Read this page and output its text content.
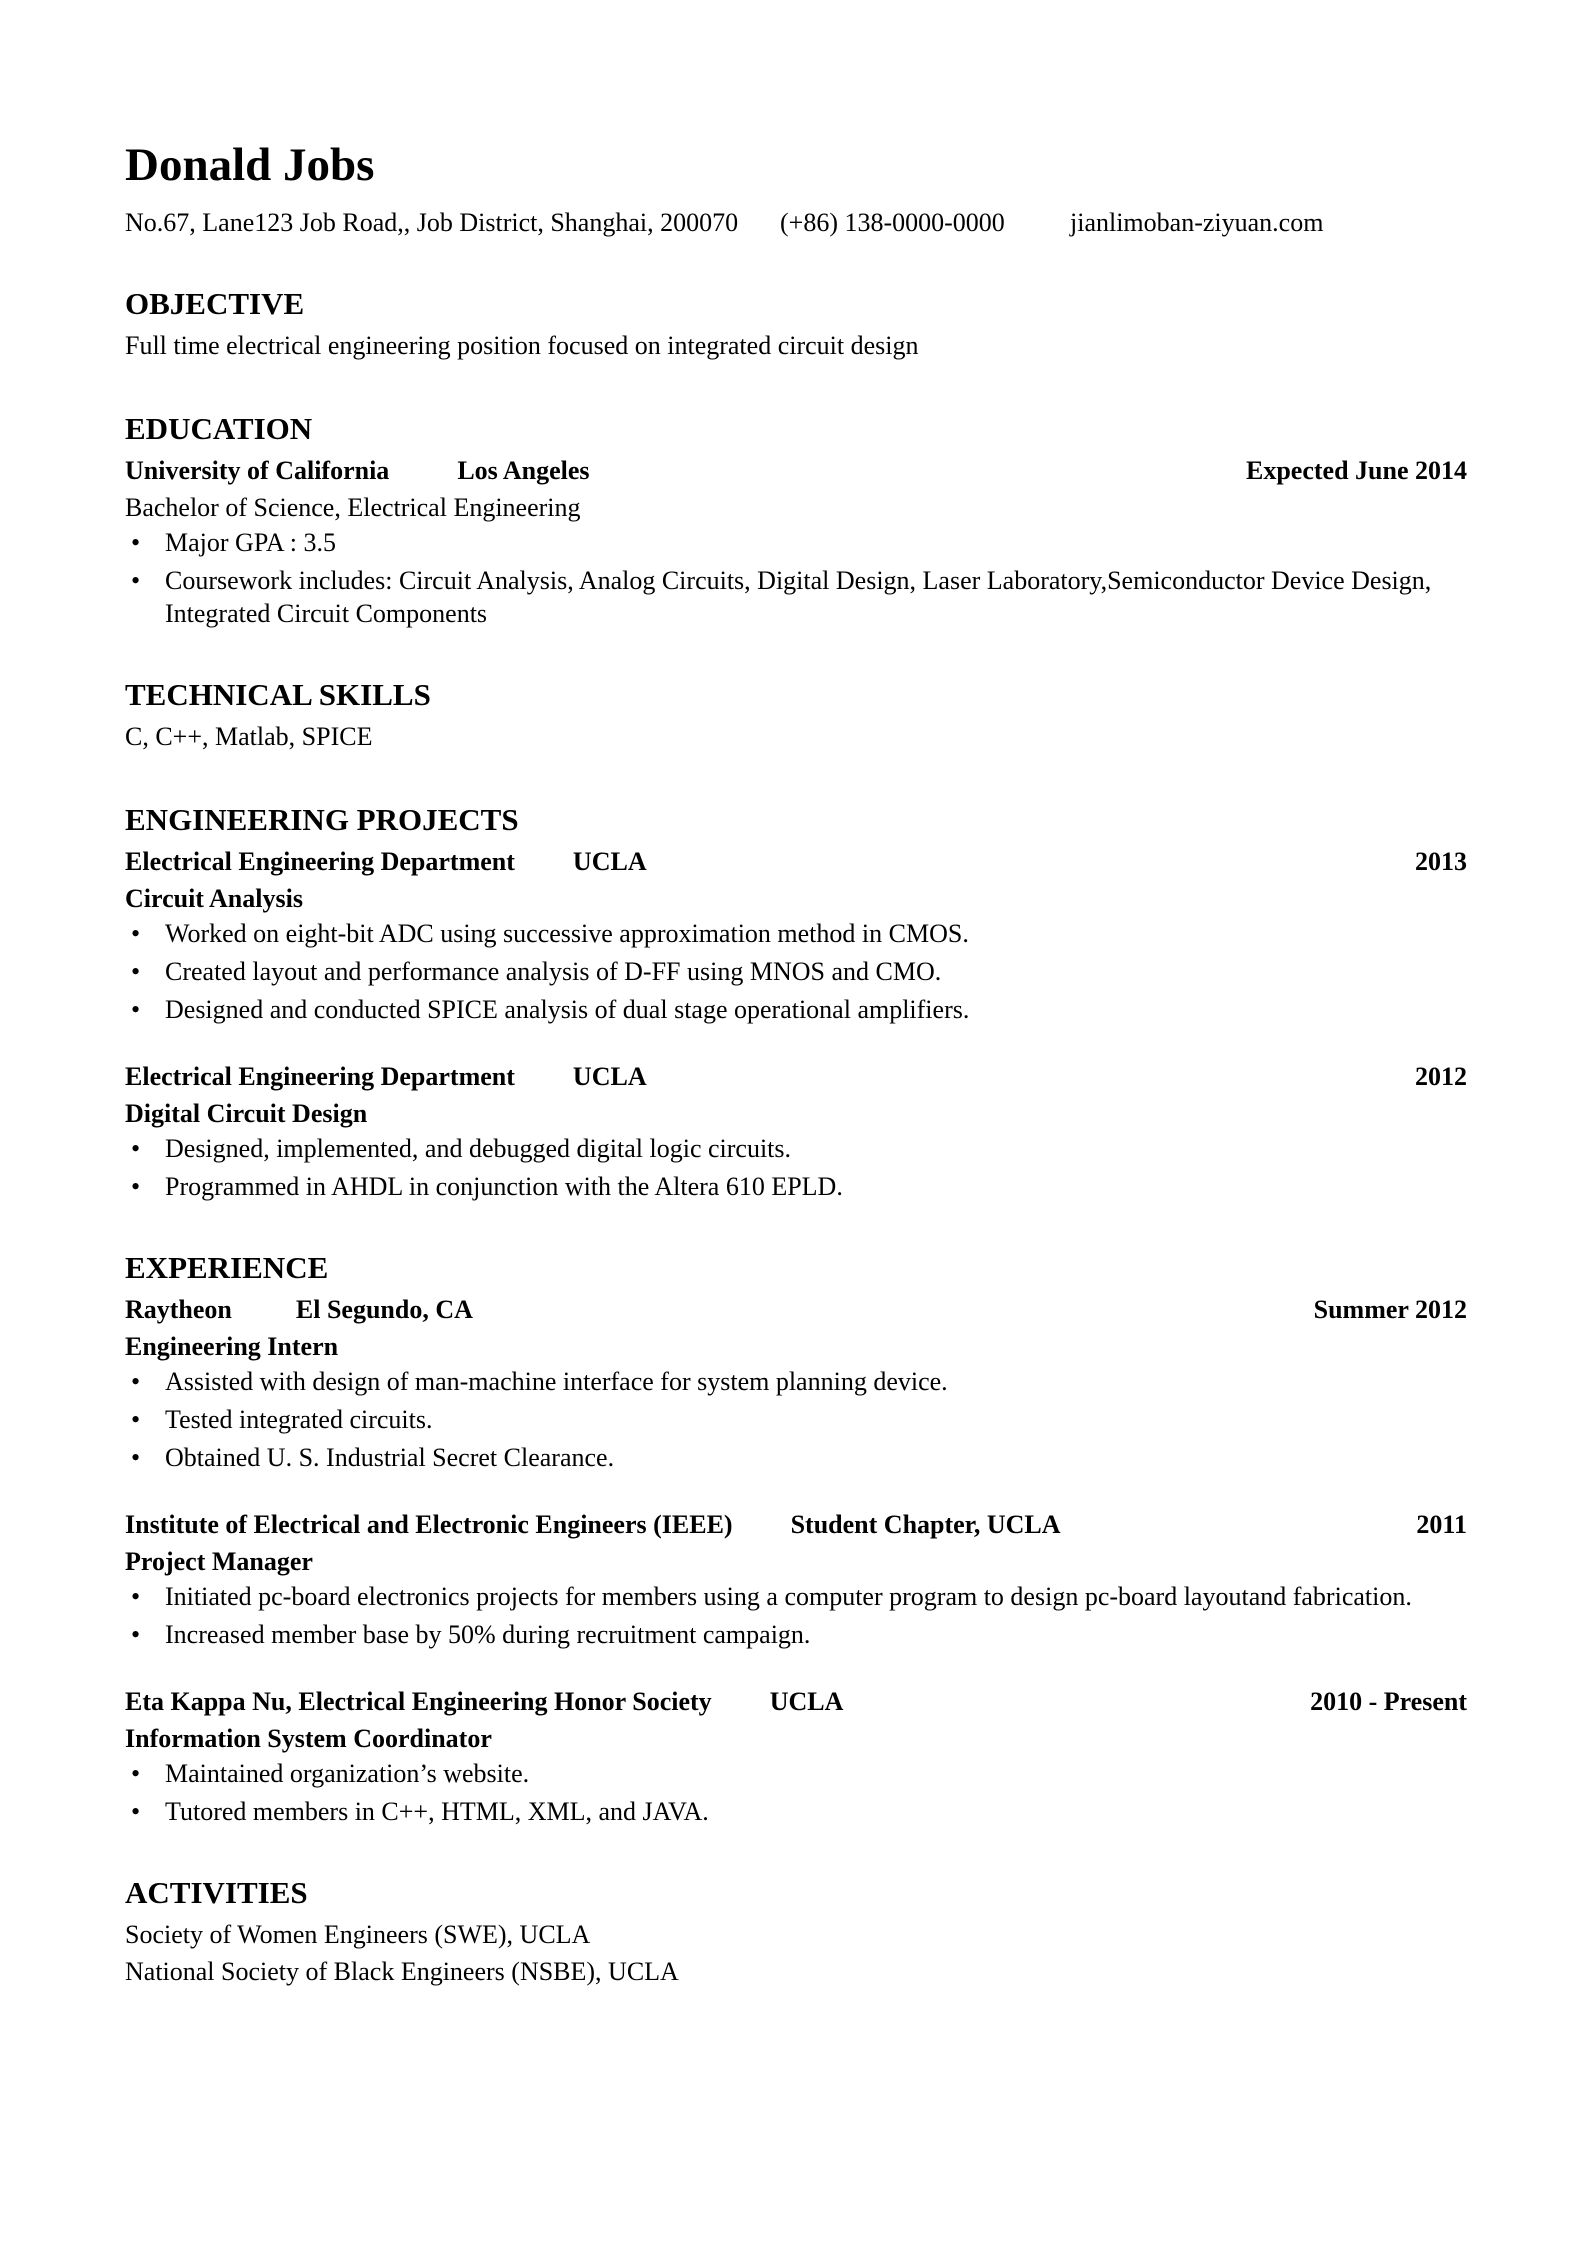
Donald Jobs
No.67, Lane123 Job Road,, Job District, Shanghai, 200070	(+86) 138-0000-0000	jianlimoban-ziyuan.com
OBJECTIVE
Full time electrical engineering position focused on integrated circuit design
EDUCATION
University of California	Los Angeles	Expected June 2014
Bachelor of Science, Electrical Engineering
• Major GPA : 3.5
• Coursework includes: Circuit Analysis, Analog Circuits, Digital Design, Laser Laboratory,Semiconductor Device Design, Integrated Circuit Components
TECHNICAL SKILLS
C, C++, Matlab, SPICE
ENGINEERING PROJECTS
Electrical Engineering Department UCLA	2013
Circuit Analysis
• Worked on eight-bit ADC using successive approximation method in CMOS.
• Created layout and performance analysis of D-FF using MNOS and CMO.
• Designed and conducted SPICE analysis of dual stage operational amplifiers.
Electrical Engineering Department UCLA	2012
Digital Circuit Design
• Designed, implemented, and debugged digital logic circuits.
• Programmed in AHDL in conjunction with the Altera 610 EPLD.
EXPERIENCE
Raytheon El Segundo, CA	Summer 2012
Engineering Intern
• Assisted with design of man-machine interface for system planning device.
• Tested integrated circuits.
• Obtained U. S. Industrial Secret Clearance.
Institute of Electrical and Electronic Engineers (IEEE) Student Chapter, UCLA	2011
Project Manager
• Initiated pc-board electronics projects for members using a computer program to design pc-board layoutand fabrication.
• Increased member base by 50% during recruitment campaign.
Eta Kappa Nu, Electrical Engineering Honor Society UCLA	2010 - Present
Information System Coordinator
• Maintained organization’s website.
• Tutored members in C++, HTML, XML, and JAVA.
ACTIVITIES
Society of Women Engineers (SWE), UCLA
National Society of Black Engineers (NSBE), UCLA
